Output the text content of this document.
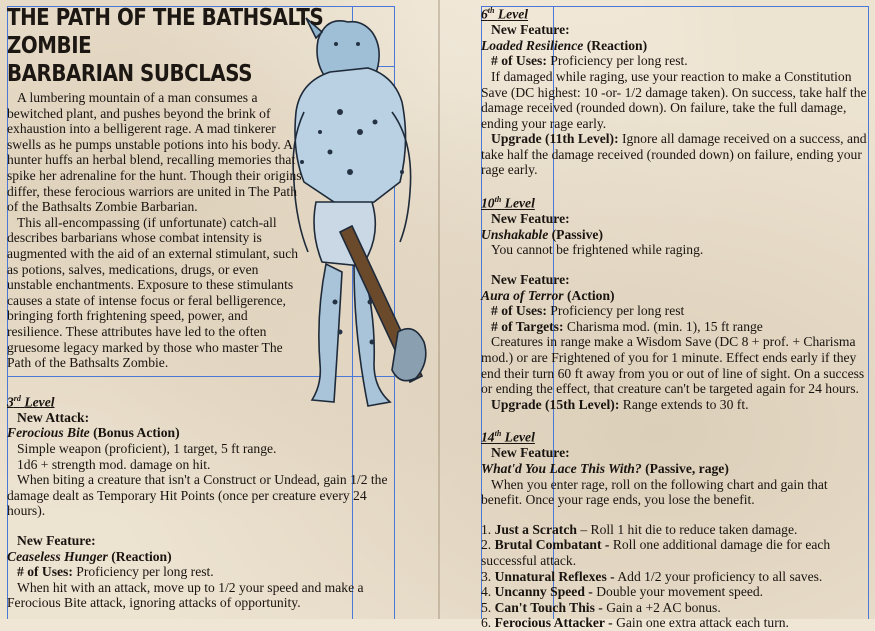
THE PATH OF THE BATHSALTS ZOMBIE
BARBARIAN SUBCLASS

A lumbering mountain of a man consumes a bewitched plant, and pushes beyond the brink of exhaustion into a belligerent rage. A mad tinkerer swells as he pumps unstable potions into his body. A hunter huffs an herbal blend, recalling memories that spike her adrenaline for the hunt. Though their origins differ, these ferocious warriors are united in The Path of the Bathsalts Zombie Barbarian.

This all-encompassing (if unfortunate) catch-all describes barbarians whose combat intensity is augmented with the aid of an external stimulant, such as potions, salves, medications, drugs, or even unstable enchantments. Exposure to these stimulants causes a state of intense focus or feral belligerence, bringing forth frightening speed, power, and resilience. These attributes have led to the often gruesome legacy marked by those who master The Path of the Bathsalts Zombie.

3rd Level

New Attack:

Ferocious Bite (Bonus Action)

Simple weapon (proficient), 1 target, 5 ft range.

1d6 + strength mod. damage on hit.

When biting a creature that isn't a Construct or Undead, gain 1/2 the damage dealt as Temporary Hit Points (once per creature every 24 hours).

New Feature:

Ceaseless Hunger (Reaction)

# of Uses: Proficiency per long rest.

When hit with an attack, move up to 1/2 your speed and make a Ferocious Bite attack, ignoring attacks of opportunity.

6th Level

New Feature:

Loaded Resilience (Reaction)

# of Uses: Proficiency per long rest.

If damaged while raging, use your reaction to make a Constitution Save (DC highest: 10 -or- 1/2 damage taken). On success, take half the damage received (rounded down). On failure, take the full damage, ending your rage early.

Upgrade (11th Level): Ignore all damage received on a success, and take half the damage received (rounded down) on failure, ending your rage early.

10th Level

New Feature:

Unshakable (Passive)

You cannot be frightened while raging.

New Feature:

Aura of Terror (Action)

# of Uses: Proficiency per long rest

# of Targets: Charisma mod. (min. 1), 15 ft range

Creatures in range make a Wisdom Save (DC 8 + prof. + Charisma mod.) or are Frightened of you for 1 minute. Effect ends early if they end their turn 60 ft away from you or out of line of sight. On a success or ending the effect, that creature can't be targeted again for 24 hours.

Upgrade (15th Level): Range extends to 30 ft.

14th Level

New Feature:

What'd You Lace This With? (Passive, rage)

When you enter rage, roll on the following chart and gain that benefit. Once your rage ends, you lose the benefit.

1. Just a Scratch – Roll 1 hit die to reduce taken damage.

2. Brutal Combatant - Roll one additional damage die for each successful attack.

3. Unnatural Reflexes - Add 1/2 your proficiency to all saves.

4. Uncanny Speed - Double your movement speed.

5. Can't Touch This - Gain a +2 AC bonus.

6. Ferocious Attacker - Gain one extra attack each turn.
